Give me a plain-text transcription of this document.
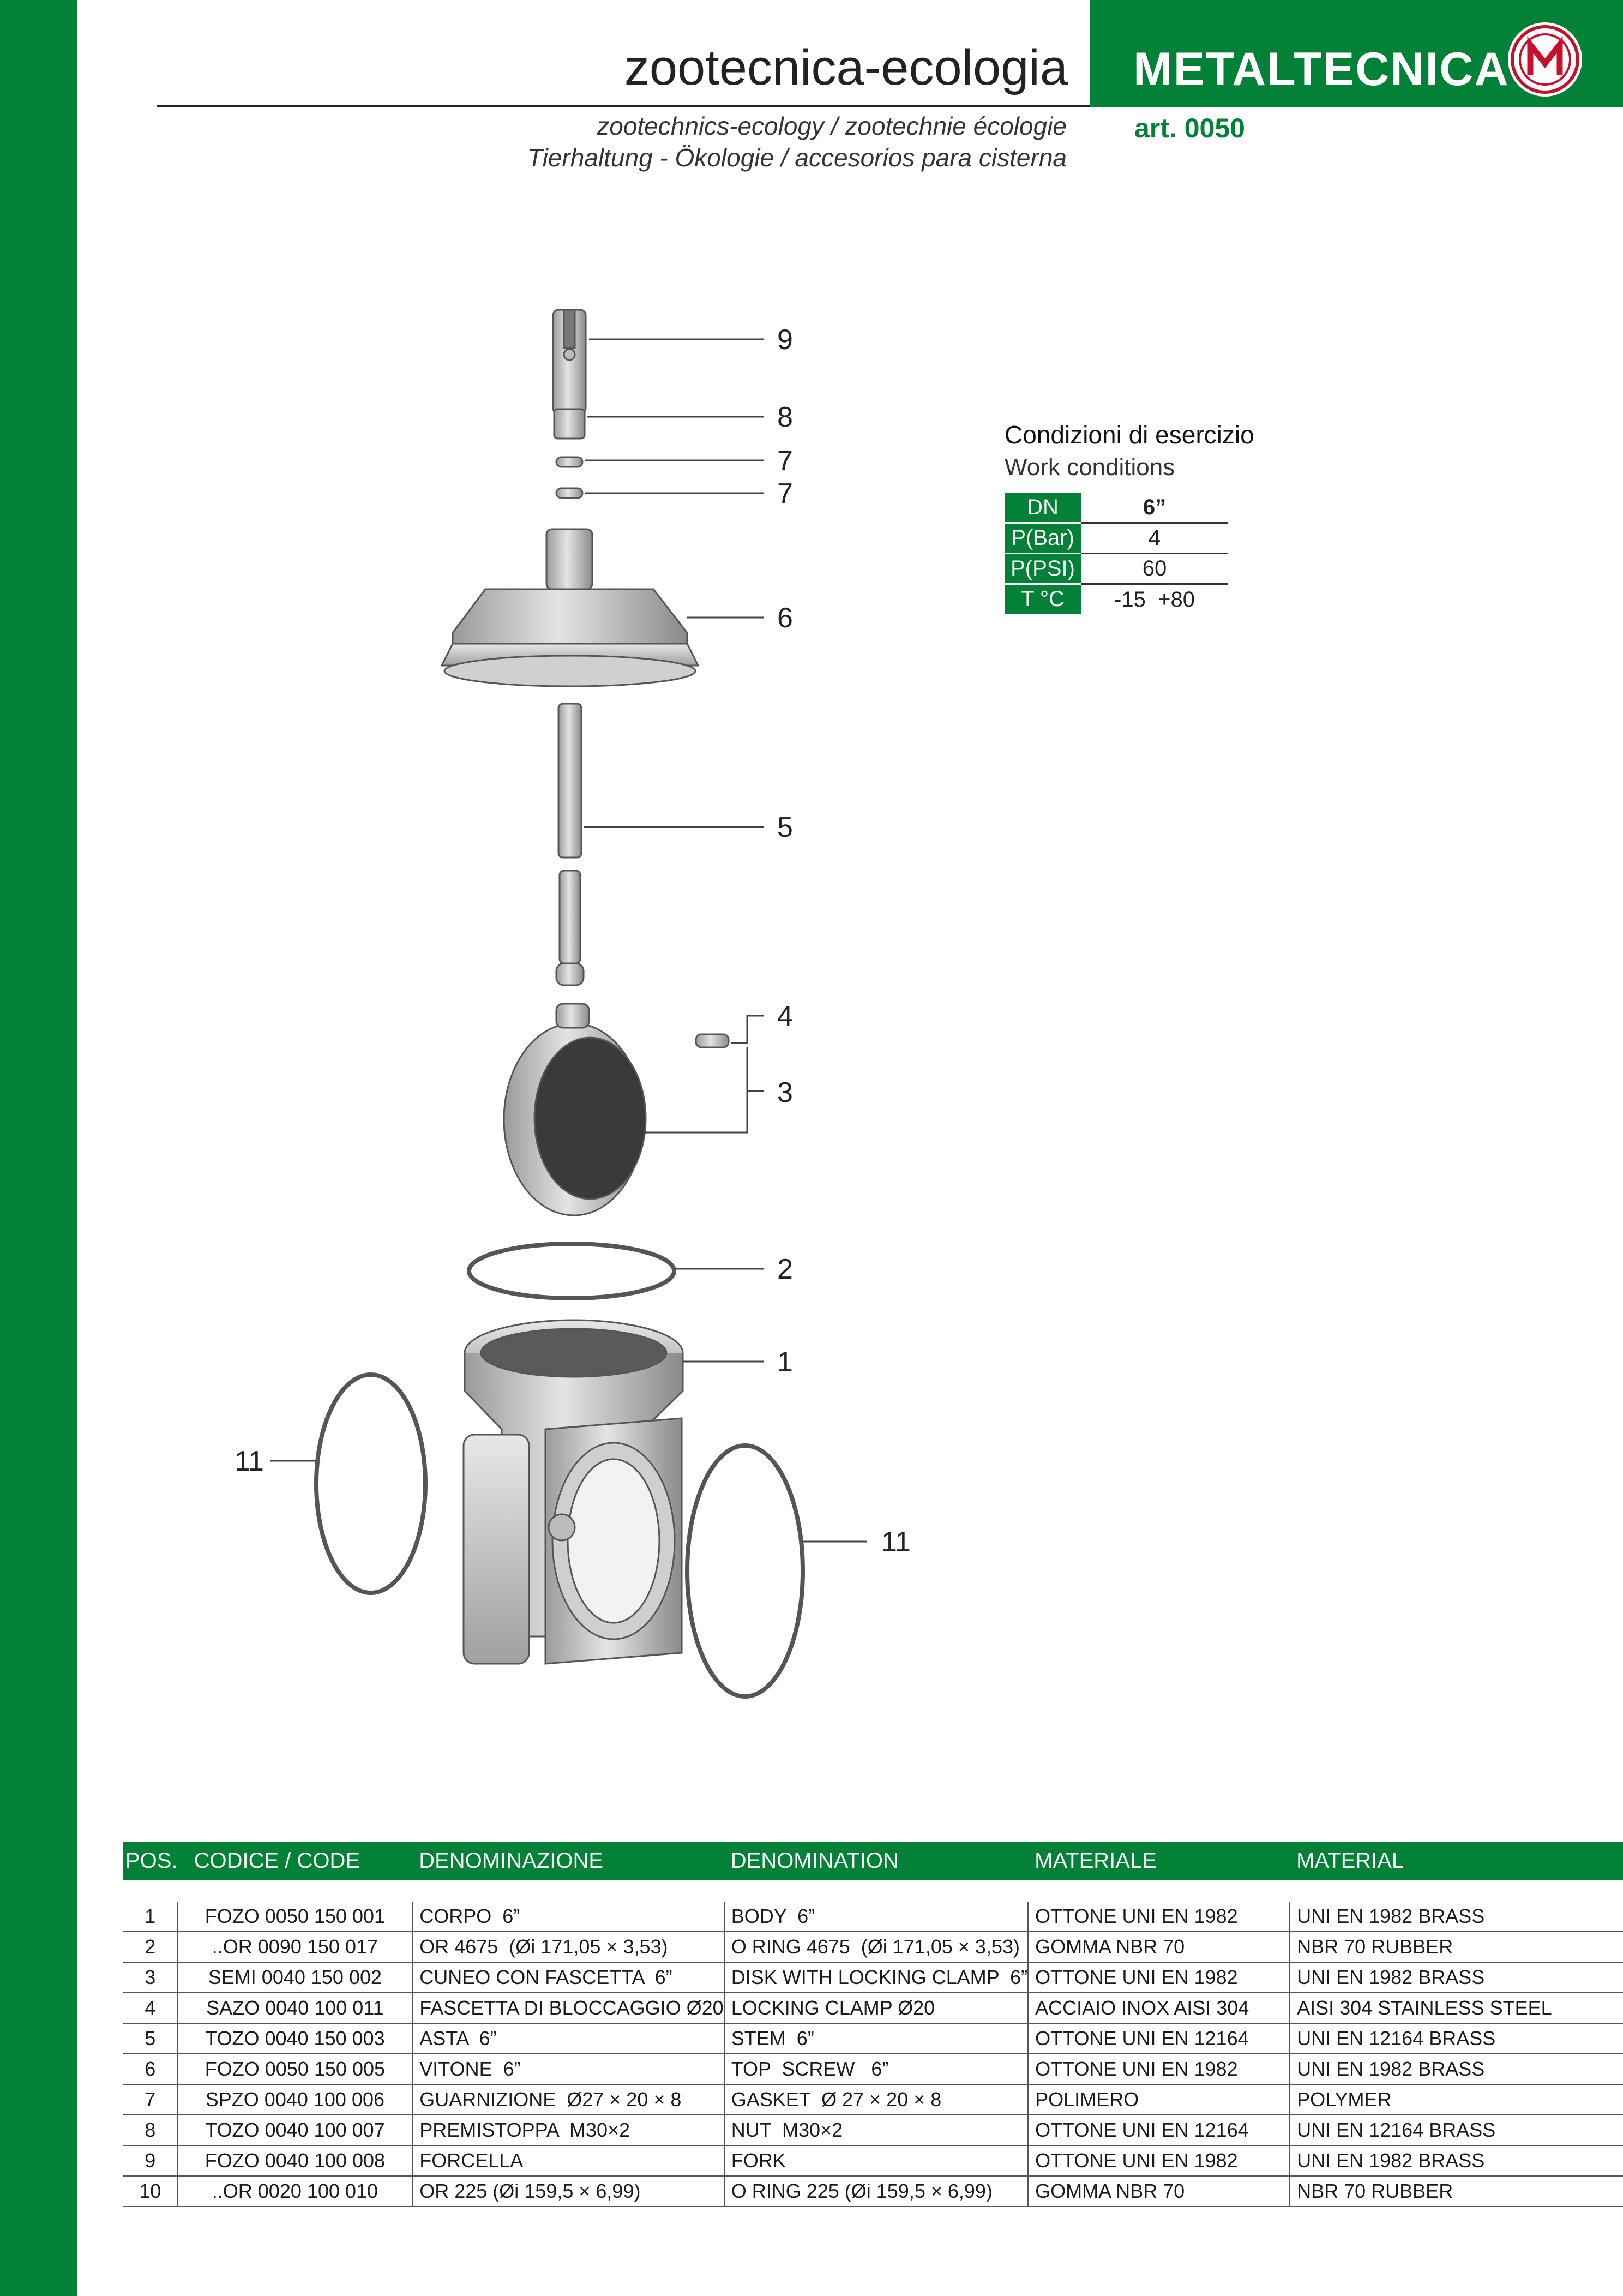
METALTECNICA
zootecnica-ecologia
zootechnics-ecology / zootechnie écologie
Tierhaltung - Ökologie / accesorios para cisterna
art. 0050
Condizioni di esercizio
Work conditions
DN	6”
P(Bar)	4
P(PSI)	60
T °C	-15  +80
9
8
7
7
6
5
4
3
2
1
11
11
POS.	CODICE / CODE	DENOMINAZIONE	DENOMINATION	MATERIALE	MATERIAL

1	FOZO 0050 150 001	CORPO  6”	BODY  6”	OTTONE UNI EN 1982	UNI EN 1982 BRASS
2	..OR 0090 150 017	OR 4675  (Øi 171,05 × 3,53)	O RING 4675  (Øi 171,05 × 3,53)	GOMMA NBR 70	NBR 70 RUBBER
3	SEMI 0040 150 002	CUNEO CON FASCETTA  6”	DISK WITH LOCKING CLAMP  6”	OTTONE UNI EN 1982	UNI EN 1982 BRASS
4	SAZO 0040 100 011	FASCETTA DI BLOCCAGGIO Ø20	LOCKING CLAMP Ø20	ACCIAIO INOX AISI 304	AISI 304 STAINLESS STEEL
5	TOZO 0040 150 003	ASTA  6”	STEM  6”	OTTONE UNI EN 12164	UNI EN 12164 BRASS
6	FOZO 0050 150 005	VITONE  6”	TOP  SCREW   6”	OTTONE UNI EN 1982	UNI EN 1982 BRASS
7	SPZO 0040 100 006	GUARNIZIONE  Ø27 × 20 × 8	GASKET  Ø 27 × 20 × 8	POLIMERO	POLYMER
8	TOZO 0040 100 007	PREMISTOPPA  M30×2	NUT  M30×2	OTTONE UNI EN 12164	UNI EN 12164 BRASS
9	FOZO 0040 100 008	FORCELLA	FORK	OTTONE UNI EN 1982	UNI EN 1982 BRASS
10	..OR 0020 100 010	OR 225 (Øi 159,5 × 6,99)	O RING 225 (Øi 159,5 × 6,99)	GOMMA NBR 70	NBR 70 RUBBER
